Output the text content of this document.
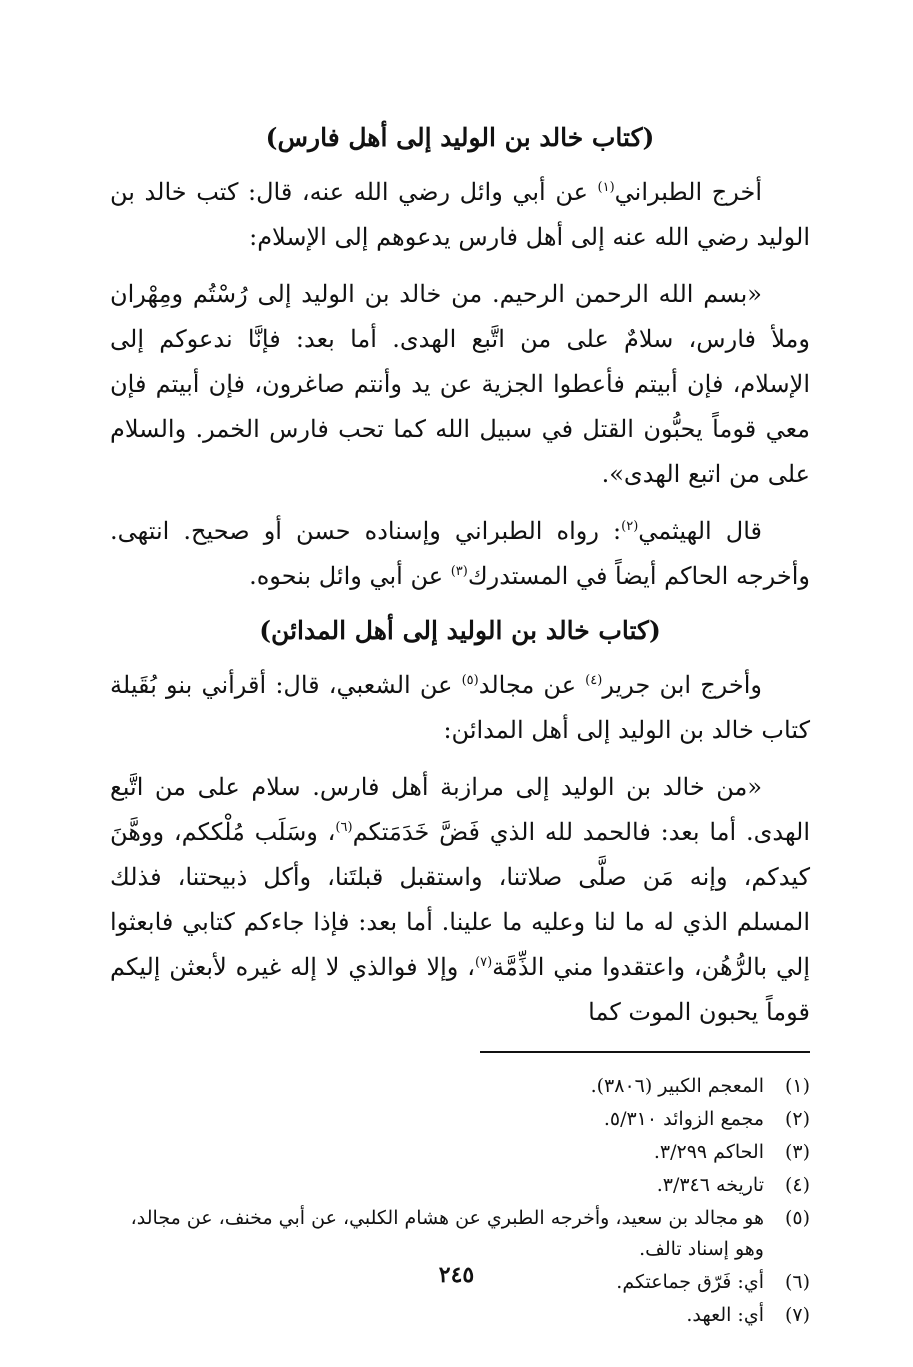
(كتاب خالد بن الوليد إلى أهل فارس)

أخرج الطبراني$^{(١)}$ عن أبي وائل رضي الله عنه، قال: كتب خالد بن الوليد رضي الله عنه إلى أهل فارس يدعوهم إلى الإسلام:

«بسم الله الرحمن الرحيم. من خالد بن الوليد إلى رُسْتُم ومِهْران وملأ فارس، سلامٌ على من اتَّبع الهدى. أما بعد: فإنَّا ندعوكم إلى الإسلام، فإن أبيتم فأعطوا الجزية عن يد وأنتم صاغرون، فإن أبيتم فإن معي قوماً يحبُّون القتل في سبيل الله كما تحب فارس الخمر. والسلام على من اتبع الهدى».

قال الهيثمي$^{(٢)}$: رواه الطبراني وإسناده حسن أو صحيح. انتهى. وأخرجه الحاكم أيضاً في المستدرك$^{(٣)}$ عن أبي وائل بنحوه.

(كتاب خالد بن الوليد إلى أهل المدائن)

وأخرج ابن جرير$^{(٤)}$ عن مجالد$^{(٥)}$ عن الشعبي، قال: أقرأني بنو بُقَيلة كتاب خالد بن الوليد إلى أهل المدائن:

«من خالد بن الوليد إلى مرازبة أهل فارس. سلام على من اتَّبع الهدى. أما بعد: فالحمد لله الذي فَضَّ خَدَمَتكم$^{(٦)}$، وسَلَب مُلْككم، ووهَّنَ كيدكم، وإنه مَن صلَّى صلاتنا، واستقبل قبلتَنا، وأكل ذبيحتنا، فذلك المسلم الذي له ما لنا وعليه ما علينا. أما بعد: فإذا جاءكم كتابي فابعثوا إلي بالرُّهُن، واعتقدوا مني الذِّمَّة$^{(٧)}$، وإلا فوالذي لا إله غيره لأبعثن إليكم قوماً يحبون الموت كما

(١)
المعجم الكبير (٣٨٠٦).
(٢)
مجمع الزوائد ٥/٣١٠.
(٣)
الحاكم ٣/٢٩٩.
(٤)
تاريخه ٣/٣٤٦.
(٥)
هو مجالد بن سعيد، وأخرجه الطبري عن هشام الكلبي، عن أبي مخنف، عن مجالد، وهو إسناد تالف.
(٦)
أي: فَرّق جماعتكم.
(٧)
أي: العهد.
٢٤٥
